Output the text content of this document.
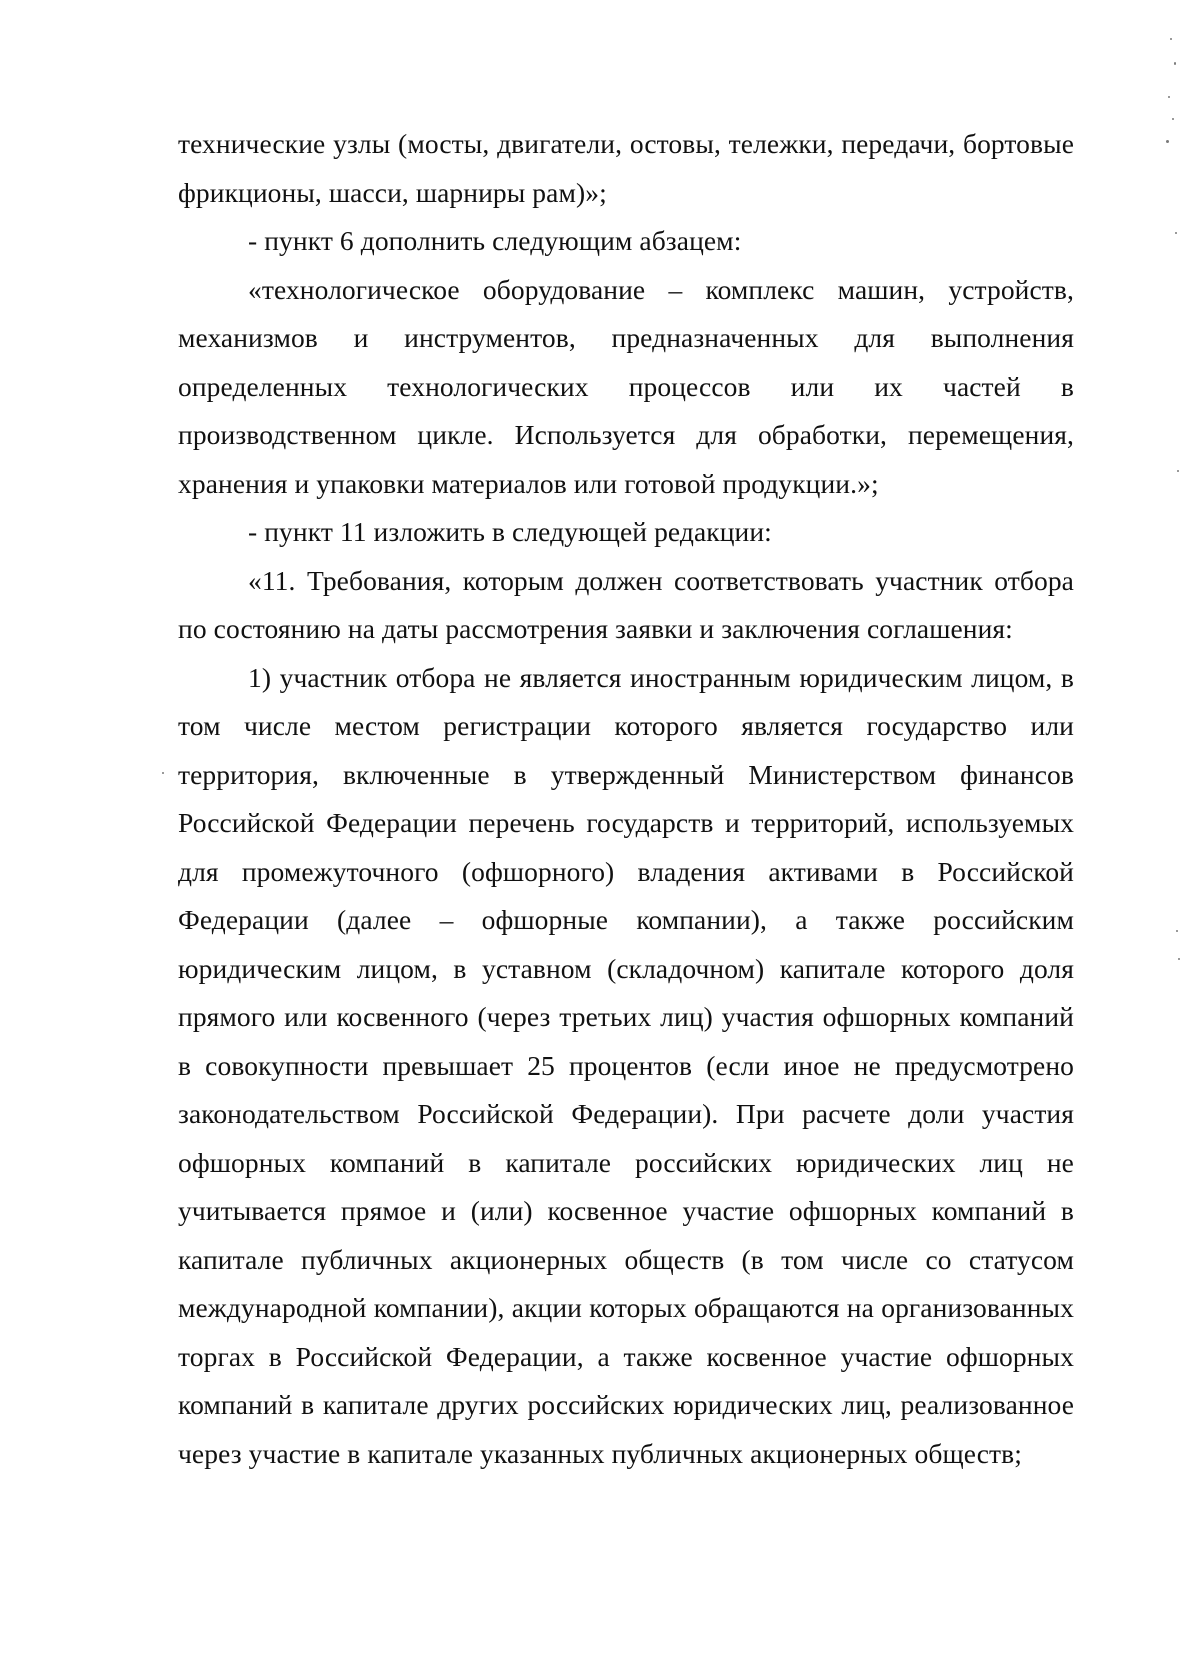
технические узлы (мосты, двигатели, остовы, тележки, передачи, бортовые фрикционы, шасси, шарниры рам)»;

- пункт 6 дополнить следующим абзацем:

«технологическое оборудование – комплекс машин, устройств, механизмов и инструментов, предназначенных для выполнения определенных технологических процессов или их частей в производственном цикле. Используется для обработки, перемещения, хранения и упаковки материалов или готовой продукции.»;

- пункт 11 изложить в следующей редакции:

«11. Требования, которым должен соответствовать участник отбора по состоянию на даты рассмотрения заявки и заключения соглашения:

1) участник отбора не является иностранным юридическим лицом, в том числе местом регистрации которого является государство или территория, включенные в утвержденный Министерством финансов Российской Федерации перечень государств и территорий, используемых для промежуточного (офшорного) владения активами в Российской Федерации (далее – офшорные компании), а также российским юридическим лицом, в уставном (складочном) капитале которого доля прямого или косвенного (через третьих лиц) участия офшорных компаний в совокупности превышает 25 процентов (если иное не предусмотрено законодательством Российской Федерации). При расчете доли участия офшорных компаний в капитале российских юридических лиц не учитывается прямое и (или) косвенное участие офшорных компаний в капитале публичных акционерных обществ (в том числе со статусом международной компании), акции которых обращаются на организованных торгах в Российской Федерации, а также косвенное участие офшорных компаний в капитале других российских юридических лиц, реализованное через участие в капитале указанных публичных акционерных обществ;
